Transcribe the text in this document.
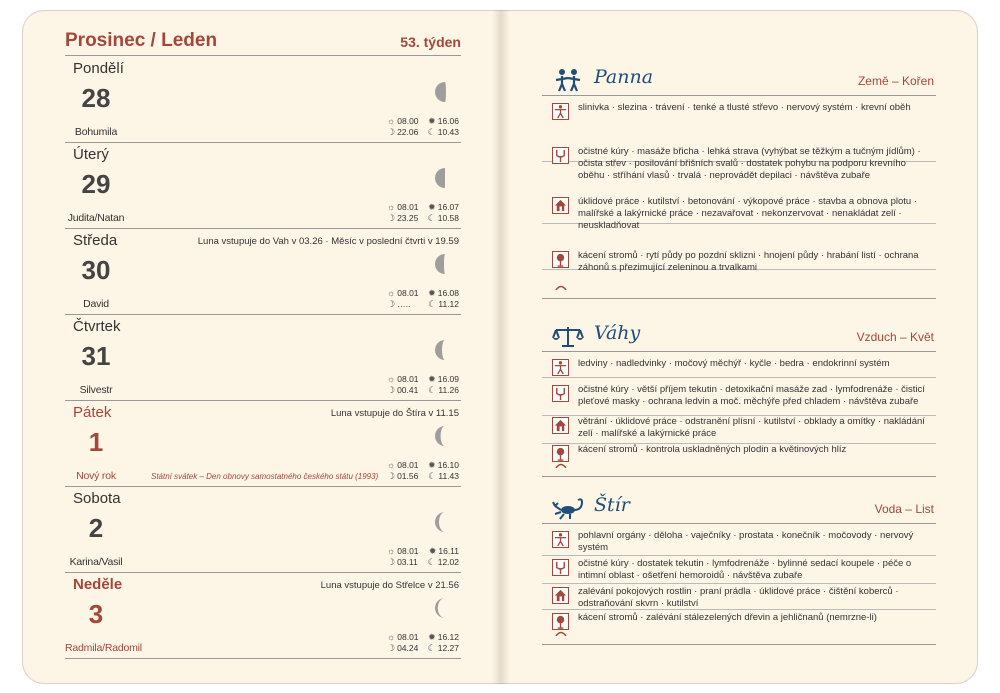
Prosinec / Leden	53. týden
Pondělí
28
Bohumila
☼ 08.00 ✹ 16.06
☽ 22.06 ☾ 10.43
Úterý
29
Judita/Natan
☼ 08.01 ✹ 16.07
☽ 23.25 ☾ 10.58
Středa
30
David
Luna vstupuje do Vah v 03.26 · Měsíc v poslední čtvrti v 19.59
☼ 08.01 ✹ 16.08
☽ ….. ☾ 11.12
Čtvrtek
31
Silvestr
☼ 08.01 ✹ 16.09
☽ 00.41 ☾ 11.26
Pátek
1
Nový rok
Luna vstupuje do Štíra v 11.15
Státní svátek – Den obnovy samostatného českého státu (1993)
☼ 08.01 ✹ 16.10
☽ 01.56 ☾ 11.43
Sobota
2
Karina/Vasil
☼ 08.01 ✹ 16.11
☽ 03.11 ☾ 12.02
Neděle
3
Radmila/Radomil
Luna vstupuje do Střelce v 21.56
☼ 08.01 ✹ 16.12
☽ 04.24 ☾ 12.27
Panna	Země – Kořen
slinivka · slezina · trávení · tenké a tlusté střevo · nervový systém · krevní oběh
očistné kúry · masáže břicha · lehká strava (vyhýbat se těžkým a tučným jídlům) · očista střev · posilování břišních svalů · dostatek pohybu na podporu krevního oběhu · stříhání vlasů · trvalá · neprovádět depilaci · návštěva zubaře
úklidové práce · kutilství · betonování · výkopové práce · stavba a obnova plotu · malířské a lakýrnické práce · nezavařovat · nekonzervovat · nenakládat zelí · neuskladňovat
kácení stromů · rytí půdy po pozdní sklizni · hnojení půdy · hrabání listí · ochrana záhonů s přezimující zeleninou a trvalkami
Váhy	Vzduch – Květ
ledviny · nadledvinky · močový měchýř · kyčle · bedra · endokrinní systém
očistné kúry · větší příjem tekutin · detoxikační masáže zad · lymfodrenáže · čisticí pleťové masky · ochrana ledvin a moč. měchýře před chladem · návštěva zubaře
větrání · úklidové práce · odstranění plísní · kutilství · obklady a omítky · nakládání zelí · malířské a lakýrnické práce
kácení stromů · kontrola uskladněných plodin a květinových hlíz
Štír	Voda – List
pohlavní orgány · děloha · vaječníky · prostata · konečník · močovody · nervový systém
očistné kúry · dostatek tekutin · lymfodrenáže · bylinné sedací koupele · péče o intimní oblast · ošetření hemoroidů · návštěva zubaře
zalévání pokojových rostlin · praní prádla · úklidové práce · čištění koberců · odstraňování skvrn · kutilství
kácení stromů · zalévání stálezelených dřevin a jehličnanů (nemrzne-li)
